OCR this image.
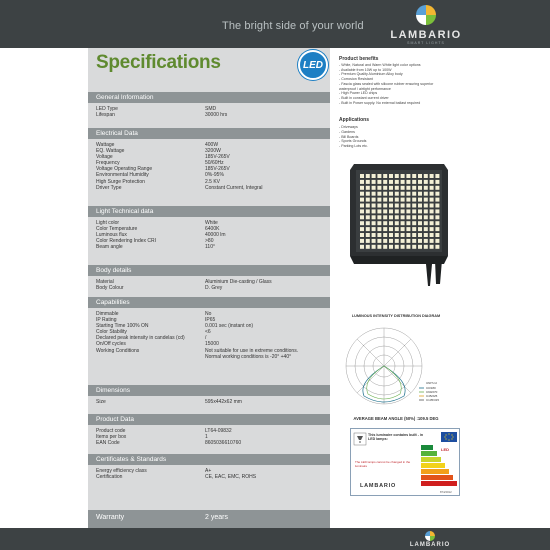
The bright side of your world
LAMBARIO
SMART LIGHTS
Specifications	LED
General Information
LED Type	SMD
Lifespan	30000 hrs
Electrical Data
Wattage	400W
EQ. Wattage	3200W
Voltage	185V-265V
Frequency	50/60Hz
Voltage Operating Range	185V-265V
Environmental Humidity	0%-95%
High Surge Protection	2.5 KV
Driver Type	Constant Current, Integral
Light Technical data
Light color	White
Color Temperature	6400K
Luminous flux	40000 lm
Color Rendering Index CRI	>80
Beam angle	110°
Body details
Material	Aluminium Die-casting / Glass
Body Colour	D. Grey
Capabilities
Dimmable	No
IP Rating	IP65
Starting Time 100% ON	0.001 sec (instant on)
Color Stability	<6
Declared peak intensity in candelas (cd)	/
On/Off cycles	15000
Working Conditions	Not suitable for use in extreme conditions.
Normal working conditions is -20° +40°
Dimensions
Size	595x442x62 mm
Product Data
Product code	LT64-09832
Items per box	1
EAN Code	8605036610760
Certificates & Standards
Energy efficiency class	A+
Certification	CE, EAC, EMC, ROHS
Warranty	2 years
Product benefits
- White, Natural and Warm White light color options
- Available from 10W up to 100W
- Premium Quality Aluminium Alloy body
- Corrosion Resistant
- Fascia glass sealed with silicone rubber ensuring superior
waterproof / airtight performance
- High Power LED chips
- Built in constant current driver
- Built in Power supply. No external ballast required
Applications
- Driveways
- Gardens
- Bill Boards
- Sports Grounds
- Parking Lots etc.
LUMINOUS INTENSITY DISTRIBUTION DIAGRAM
UNIT:cd
C0/180
C90/270
C45/225
C135/315
AVERAGE BEAM ANGLE (50%) :109.5 DEG
This luminaire contains built - in LED lamps:
The LED lamps cannot be changed in the luminaire
LED
LAMBARIO
874/2012
LAMBARIO
